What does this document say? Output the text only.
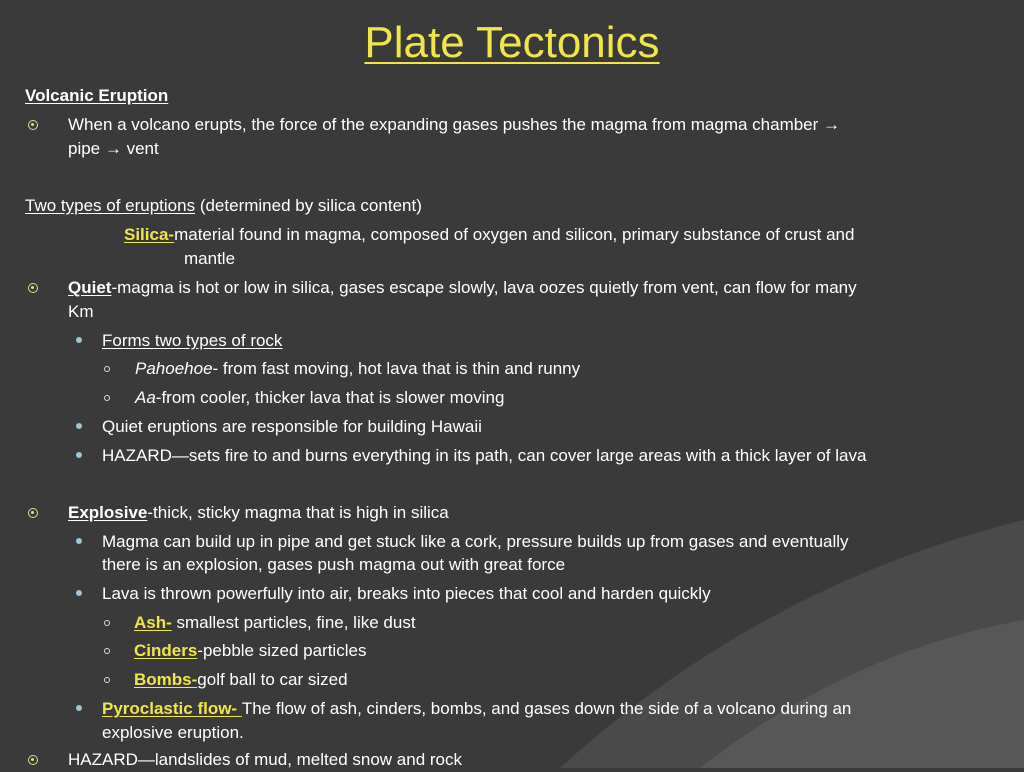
Plate Tectonics
Volcanic Eruption
When a volcano erupts, the force of the expanding gases pushes the magma from magma chamber →
pipe → vent
Two types of eruptions (determined by silica content)
Silica-material found in magma, composed of oxygen and silicon, primary substance of crust and
mantle
Quiet-magma is hot or low in silica, gases escape slowly, lava oozes quietly from vent, can flow for many
Km
Forms two types of rock
Pahoehoe- from fast moving, hot lava that is thin and runny
Aa-from cooler, thicker lava that is slower moving
Quiet eruptions are responsible for building Hawaii
HAZARD—sets fire to and burns everything in its path, can cover large areas with a thick layer of lava
Explosive-thick, sticky magma that is high in silica
Magma can build up in pipe and get stuck like a cork, pressure builds up from gases and eventually
there is an explosion, gases push magma out with great force
Lava is thrown powerfully into air, breaks into pieces that cool and harden quickly
Ash- smallest particles, fine, like dust
Cinders-pebble sized particles
Bombs-golf ball to car sized
Pyroclastic flow- The flow of ash, cinders, bombs, and gases down the side of a volcano during an
explosive eruption.
HAZARD—landslides of mud, melted snow and rock
